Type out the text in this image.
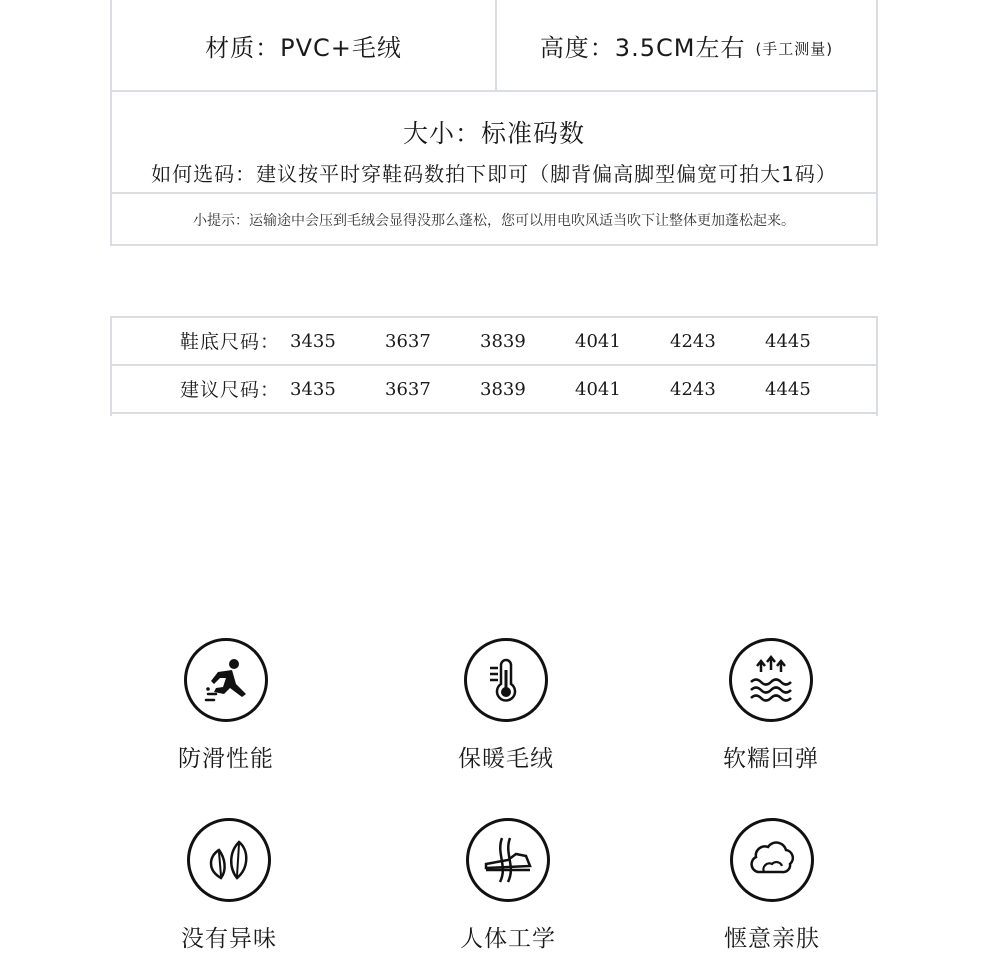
材质：PVC+毛绒	高度：3.5CM左右 (手工测量)
大小：标准码数
如何选码：建议按平时穿鞋码数拍下即可（脚背偏高脚型偏宽可拍大1码）
小提示：运输途中会压到毛绒会显得没那么蓬松，您可以用电吹风适当吹下让整体更加蓬松起来。
鞋底尺码： 3435	3637	3839	4041	4243	4445
建议尺码： 3435	3637	3839	4041	4243	4445
防滑性能	保暖毛绒	软糯回弹
没有异味	人体工学	惬意亲肤
